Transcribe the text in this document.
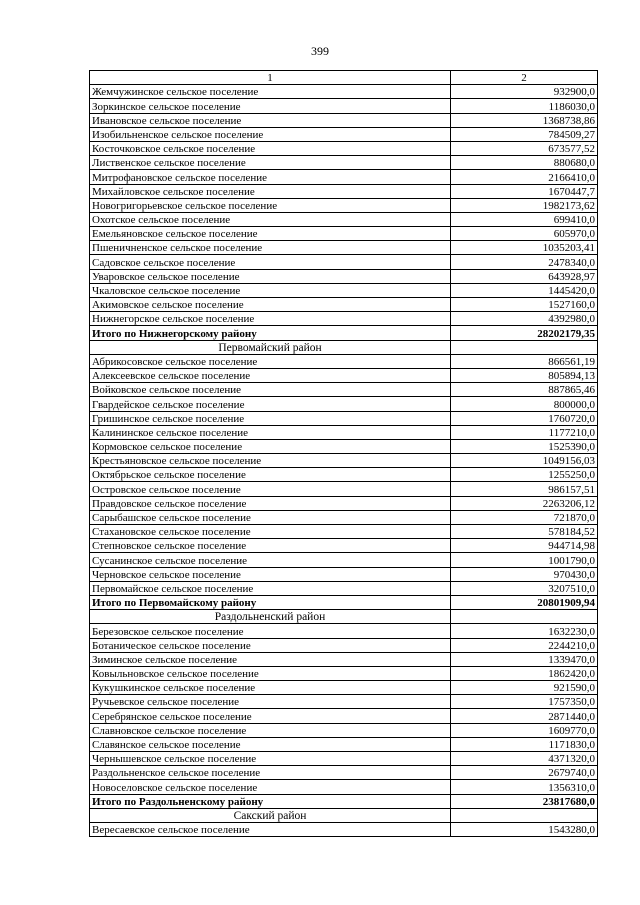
399
1	2
Жемчужинское сельское поселение	932900,0
Зоркинское сельское поселение	1186030,0
Ивановское сельское поселение	1368738,86
Изобильненское сельское поселение	784509,27
Косточковское сельское поселение	673577,52
Лиственское сельское поселение	880680,0
Митрофановское сельское поселение	2166410,0
Михайловское сельское поселение	1670447,7
Новогригорьевское сельское поселение	1982173,62
Охотское сельское поселение	699410,0
Емельяновское сельское поселение	605970,0
Пшеничненское сельское поселение	1035203,41
Садовское сельское поселение	2478340,0
Уваровское сельское поселение	643928,97
Чкаловское сельское поселение	1445420,0
Акимовское сельское поселение	1527160,0
Нижнегорское сельское поселение	4392980,0
Итого по Нижнегорскому району	28202179,35
Первомайский район	
Абрикосовское сельское поселение	866561,19
Алексеевское сельское поселение	805894,13
Войковское сельское поселение	887865,46
Гвардейское сельское поселение	800000,0
Гришинское сельское поселение	1760720,0
Калининское сельское поселение	1177210,0
Кормовское сельское поселение	1525390,0
Крестьяновское сельское поселение	1049156,03
Октябрьское сельское поселение	1255250,0
Островское сельское поселение	986157,51
Правдовское сельское поселение	2263206,12
Сарыбашское сельское поселение	721870,0
Стахановское сельское поселение	578184,52
Степновское сельское поселение	944714,98
Сусанинское сельское поселение	1001790,0
Черновское сельское поселение	970430,0
Первомайское сельское поселение	3207510,0
Итого по Первомайскому району	20801909,94
Раздольненский район	
Березовское сельское поселение	1632230,0
Ботаническое сельское поселение	2244210,0
Зиминское сельское поселение	1339470,0
Ковыльновское сельское поселение	1862420,0
Кукушкинское сельское поселение	921590,0
Ручьевское сельское поселение	1757350,0
Серебрянское сельское поселение	2871440,0
Славновское сельское поселение	1609770,0
Славянское сельское поселение	1171830,0
Чернышевское сельское поселение	4371320,0
Раздольненское сельское поселение	2679740,0
Новоселовское сельское поселение	1356310,0
Итого по Раздольненскому району	23817680,0
Сакский район	
Вересаевское сельское поселение	1543280,0
